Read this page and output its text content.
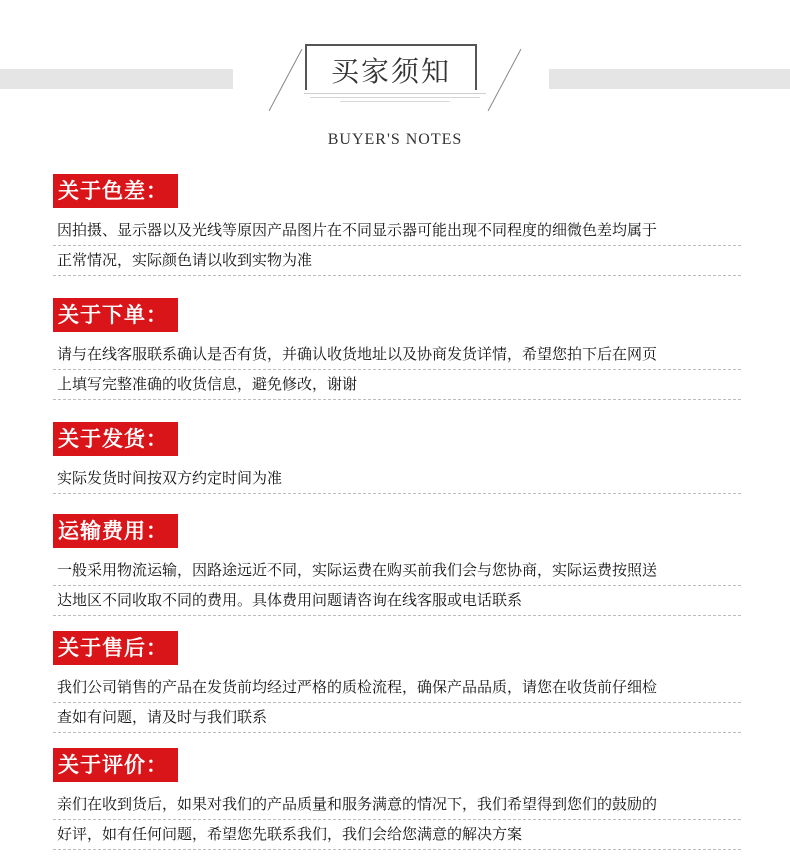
买家须知
BUYER'S NOTES
关于色差：
因拍摄、显示器以及光线等原因产品图片在不同显示器可能出现不同程度的细微色差均属于
正常情况，实际颜色请以收到实物为准
关于下单：
请与在线客服联系确认是否有货，并确认收货地址以及协商发货详情，希望您拍下后在网页
上填写完整准确的收货信息，避免修改，谢谢
关于发货：
实际发货时间按双方约定时间为准
运输费用：
一般采用物流运输，因路途远近不同，实际运费在购买前我们会与您协商，实际运费按照送
达地区不同收取不同的费用。具体费用问题请咨询在线客服或电话联系
关于售后：
我们公司销售的产品在发货前均经过严格的质检流程，确保产品品质，请您在收货前仔细检
查如有问题，请及时与我们联系
关于评价：
亲们在收到货后，如果对我们的产品质量和服务满意的情况下，我们希望得到您们的鼓励的
好评，如有任何问题，希望您先联系我们，我们会给您满意的解决方案
